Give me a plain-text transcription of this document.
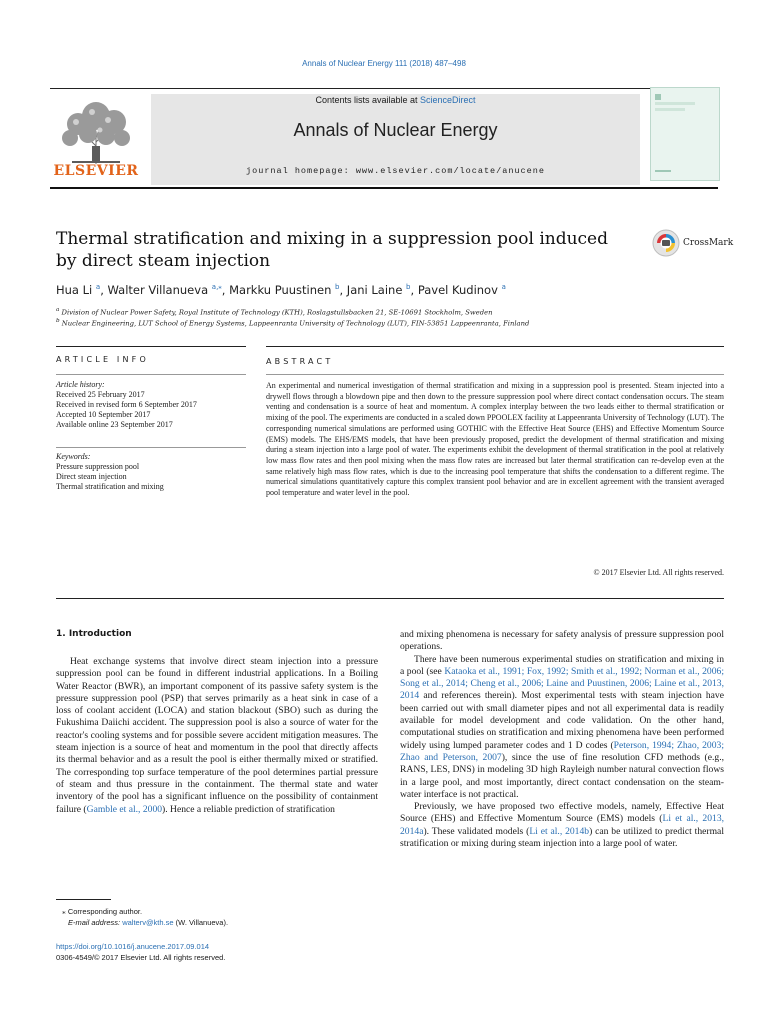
Annals of Nuclear Energy 111 (2018) 487–498
Contents lists available at ScienceDirect
Annals of Nuclear Energy
journal homepage: www.elsevier.com/locate/anucene
ELSEVIER
Thermal stratification and mixing in a suppression pool induced by direct steam injection
CrossMark
Hua Li $^a$, Walter Villanueva $^{a,⁎}$, Markku Puustinen $^b$, Jani Laine $^b$, Pavel Kudinov $^a$
$^a$ Division of Nuclear Power Safety, Royal Institute of Technology (KTH), Roslagstullsbacken 21, SE-10691 Stockholm, Sweden
$^b$ Nuclear Engineering, LUT School of Energy Systems, Lappeenranta University of Technology (LUT), FIN-53851 Lappeenranta, Finland
ARTICLE INFO
Article history:
Received 25 February 2017
Received in revised form 6 September 2017
Accepted 10 September 2017
Available online 23 September 2017
Keywords:
Pressure suppression pool
Direct steam injection
Thermal stratification and mixing
ABSTRACT
An experimental and numerical investigation of thermal stratification and mixing in a suppression pool is presented. Steam injected into a drywell flows through a blowdown pipe and then down to the pressure suppression pool where direct contact condensation occurs. The steam venting and condensation is a source of heat and momentum. A complex interplay between the two leads either to thermal stratification or mixing of the pool. The experiments are conducted in a scaled down PPOOLEX facility at Lappeenranta University of Technology (LUT). The corresponding numerical simulations are performed using GOTHIC with the Effective Heat Source (EHS) and Effective Momentum Source (EMS) models. The EHS/EMS models, that have been previously proposed, predict the development of thermal stratification and mixing during a steam injection into a large pool of water. The experiments exhibit the development of thermal stratification in the pool at relatively low mass flow rates and then pool mixing when the mass flow rates are increased but later thermal stratification can re-develop even at the same relatively high mass flow rates, which is due to the increasing pool temperature that shifts the condensation to a different regime. The numerical simulations quantitatively capture this complex transient pool behavior and are in excellent agreement with the transient averaged pool temperature and water level in the pool.
© 2017 Elsevier Ltd. All rights reserved.
1. Introduction

Heat exchange systems that involve direct steam injection into a pressure suppression pool can be found in different industrial applications. In a Boiling Water Reactor (BWR), an important component of its passive safety system is the pressure suppression pool (PSP) that serves primarily as a heat sink in case of a loss of coolant accident (LOCA) and station blackout (SBO) such as during the Fukushima Daiichi accident. The suppression pool is also a source of water for the reactor's cooling systems and for possible severe accident mitigation measures. The steam injection is a source of heat and momentum in the pool that directly affects its thermal behavior and as a result the pool is either thermally mixed or stratified. The corresponding top surface temperature of the pool determines partial pressure of steam and thus pressure in the containment. The thermal state and water inventory of the pool has a significant influence on the possibility of containment failure (Gamble et al., 2000). Hence a reliable prediction of stratification

and mixing phenomena is necessary for safety analysis of pressure suppression pool operations.

There have been numerous experimental studies on stratification and mixing in a pool (see Kataoka et al., 1991; Fox, 1992; Smith et al., 1992; Norman et al., 2006; Song et al., 2014; Cheng et al., 2006; Laine and Puustinen, 2006; Laine et al., 2013, 2014 and references therein). Most experimental tests with steam injection have been carried out with small diameter pipes and not all experimental data is readily available for model development and code validation. On the other hand, computational studies on stratification and mixing phenomena have been performed widely using lumped parameter codes and 1 D codes (Peterson, 1994; Zhao, 2003; Zhao and Peterson, 2007), since the use of fine resolution CFD methods (e.g., RANS, LES, DNS) in modeling 3D high Rayleigh number natural convection flows in a large pool, and most importantly, direct contact condensation on the steam-water interface is not practical.

Previously, we have proposed two effective models, namely, Effective Heat Source (EHS) and Effective Momentum Source (EMS) models (Li et al., 2013, 2014a). These validated models (Li et al., 2014b) can be utilized to predict thermal stratification or mixing during steam injection into a large pool of water.

⁎ Corresponding author.
E-mail address: walterv@kth.se (W. Villanueva).
https://doi.org/10.1016/j.anucene.2017.09.014
0306-4549/© 2017 Elsevier Ltd. All rights reserved.
